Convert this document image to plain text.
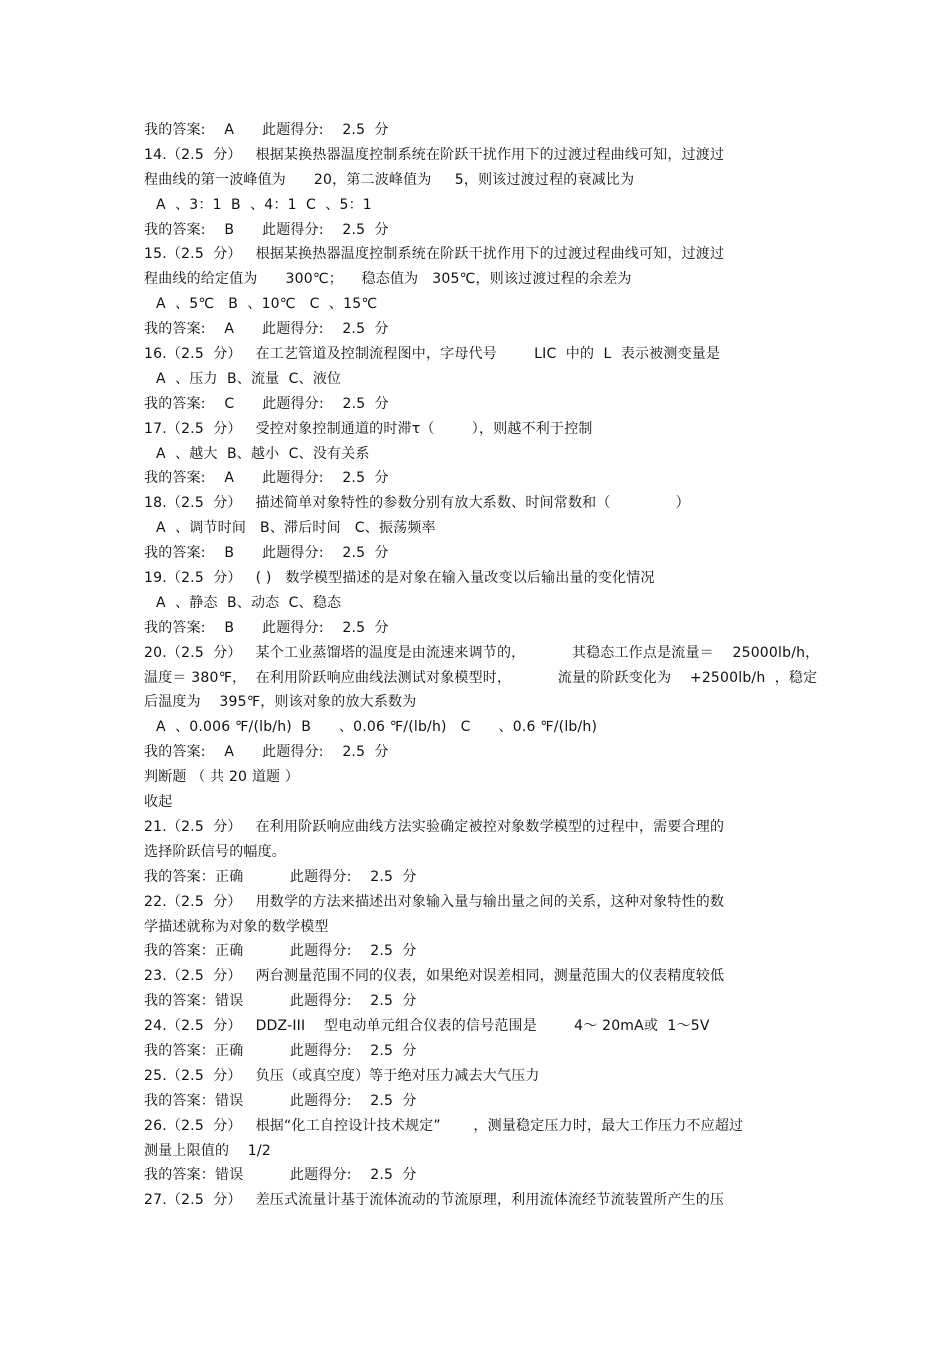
我的答案:    A      此题得分:    2.5  分
14.（2.5  分）   根据某换热器温度控制系统在阶跃干扰作用下的过渡过程曲线可知，过渡过
程曲线的第一波峰值为      20，第二波峰值为     5，则该过渡过程的衰减比为
A  、3：1  B  、4：1  C  、5：1
我的答案:    B      此题得分:    2.5  分
15.（2.5  分）   根据某换热器温度控制系统在阶跃干扰作用下的过渡过程曲线可知，过渡过
程曲线的给定值为      300℃；    稳态值为   305℃，则该过渡过程的余差为
A  、5℃   B  、10℃   C  、15℃
我的答案:    A      此题得分:    2.5  分
16.（2.5  分）   在工艺管道及控制流程图中，字母代号        LIC  中的  L  表示被测变量是
A  、压力  B、流量  C、液位
我的答案:    C      此题得分:    2.5  分
17.（2.5  分）   受控对象控制通道的时滞τ（        ），则越不利于控制
A  、越大  B、越小  C、没有关系
我的答案:    A      此题得分:    2.5  分
18.（2.5  分）   描述简单对象特性的参数分别有放大系数、时间常数和（              ）
A  、调节时间   B、滞后时间   C、振荡频率
我的答案:    B      此题得分:    2.5  分
19.（2.5  分）   ( )   数学模型描述的是对象在输入量改变以后输出量的变化情况
A  、静态  B、动态  C、稳态
我的答案:    B      此题得分:    2.5  分
20.（2.5  分）   某个工业蒸馏塔的温度是由流速来调节的，          其稳态工作点是流量＝    25000lb/h，
温度＝ 380℉，  在利用阶跃响应曲线法测试对象模型时，          流量的阶跃变化为    +2500lb/h  ，稳定
后温度为    395℉，则该对象的放大系数为
A  、0.006 ℉/(lb/h)  B      、0.06 ℉/(lb/h)   C      、0.6 ℉/(lb/h)
我的答案:    A      此题得分:    2.5  分
判断题 （ 共 20 道题 ）
收起
21.（2.5  分）   在利用阶跃响应曲线方法实验确定被控对象数学模型的过程中，需要合理的
选择阶跃信号的幅度。
我的答案：正确          此题得分:    2.5  分
22.（2.5  分）   用数学的方法来描述出对象输入量与输出量之间的关系，这种对象特性的数
学描述就称为对象的数学模型
我的答案：正确          此题得分:    2.5  分
23.（2.5  分）   两台测量范围不同的仪表，如果绝对误差相同，测量范围大的仪表精度较低
我的答案：错误          此题得分:    2.5  分
24.（2.5  分）   DDZ-III    型电动单元组合仪表的信号范围是        4～ 20mA或  1～5V
我的答案：正确          此题得分:    2.5  分
25.（2.5  分）   负压（或真空度）等于绝对压力减去大气压力
我的答案：错误          此题得分:    2.5  分
26.（2.5  分）   根据“化工自控设计技术规定”       ，测量稳定压力时，最大工作压力不应超过
测量上限值的    1/2
我的答案：错误          此题得分:    2.5  分
27.（2.5  分）   差压式流量计基于流体流动的节流原理，利用流体流经节流装置所产生的压
